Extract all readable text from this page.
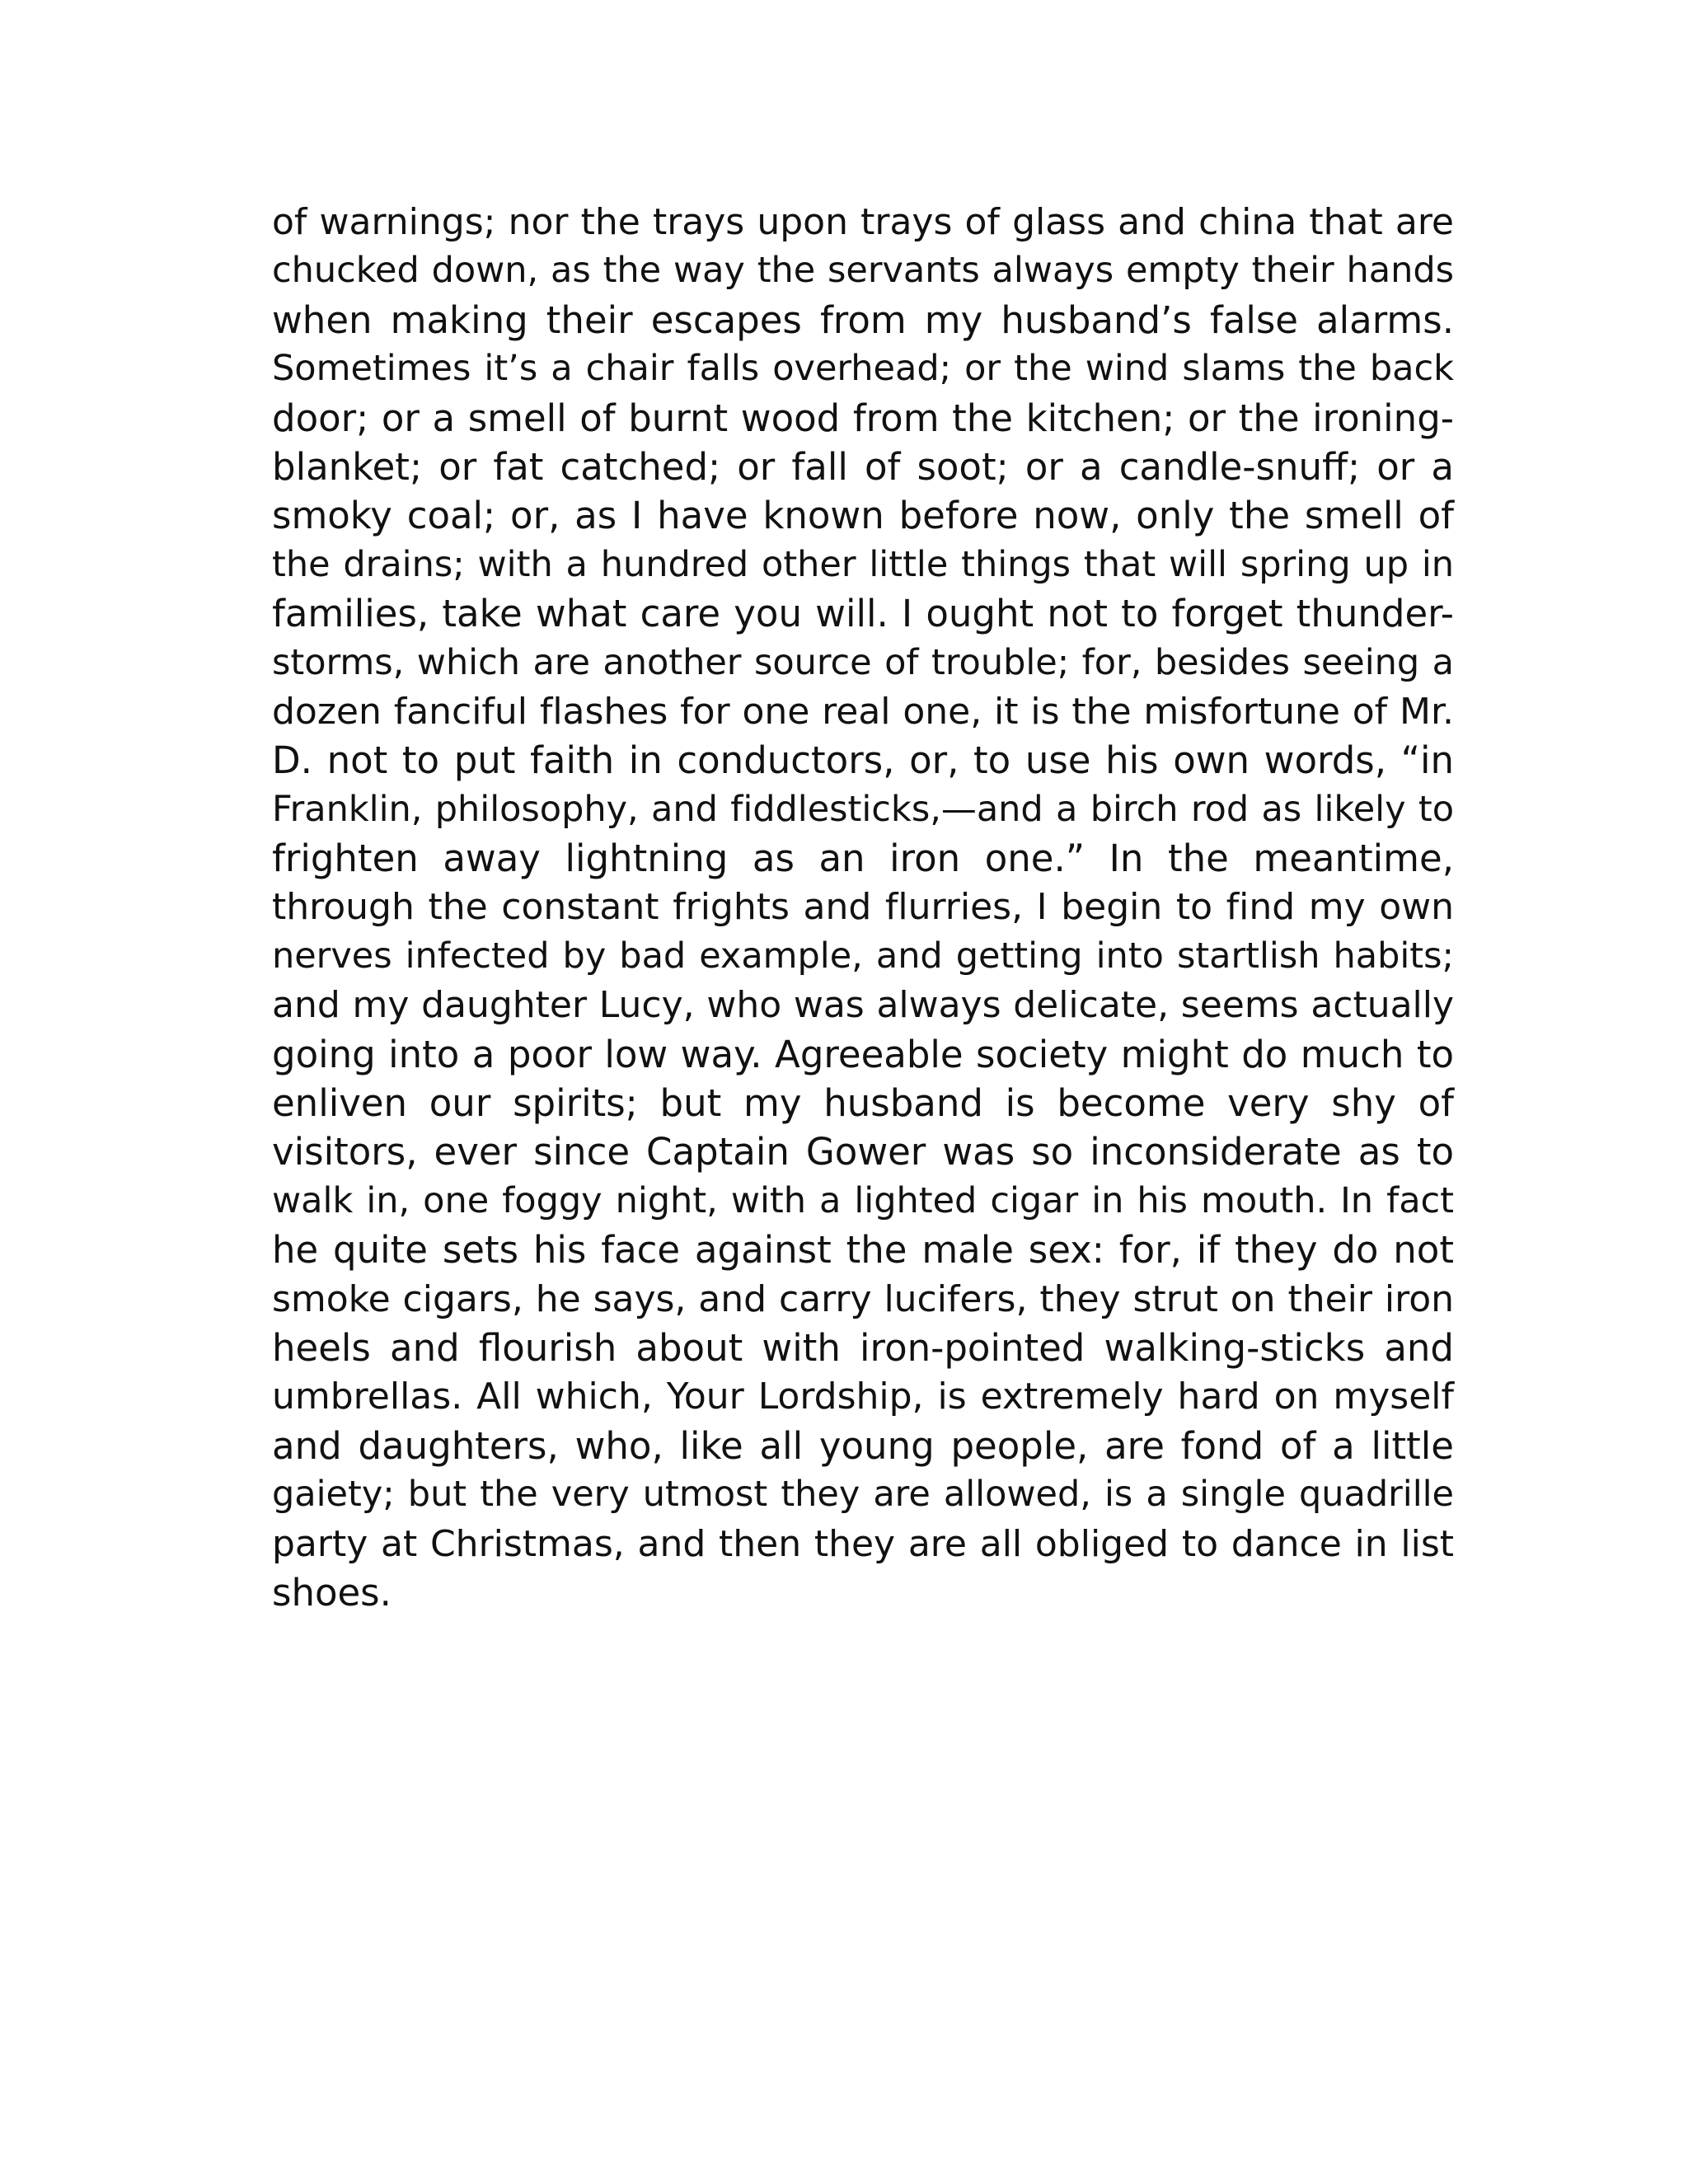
of warnings; nor the trays upon trays of glass and china that are
chucked down, as the way the servants always empty their hands
when making their escapes from my husband’s false alarms.
Sometimes it’s a chair falls overhead; or the wind slams the back
door; or a smell of burnt wood from the kitchen; or the ironing-
blanket; or fat catched; or fall of soot; or a candle-snuff; or a
smoky coal; or, as I have known before now, only the smell of
the drains; with a hundred other little things that will spring up in
families, take what care you will. I ought not to forget thunder-
storms, which are another source of trouble; for, besides seeing a
dozen fanciful flashes for one real one, it is the misfortune of Mr.
D. not to put faith in conductors, or, to use his own words, “in
Franklin, philosophy, and fiddlesticks,—and a birch rod as likely to
frighten away lightning as an iron one.” In the meantime,
through the constant frights and flurries, I begin to find my own
nerves infected by bad example, and getting into startlish habits;
and my daughter Lucy, who was always delicate, seems actually
going into a poor low way. Agreeable society might do much to
enliven our spirits; but my husband is become very shy of
visitors, ever since Captain Gower was so inconsiderate as to
walk in, one foggy night, with a lighted cigar in his mouth. In fact
he quite sets his face against the male sex: for, if they do not
smoke cigars, he says, and carry lucifers, they strut on their iron
heels and flourish about with iron-pointed walking-sticks and
umbrellas. All which, Your Lordship, is extremely hard on myself
and daughters, who, like all young people, are fond of a little
gaiety; but the very utmost they are allowed, is a single quadrille
party at Christmas, and then they are all obliged to dance in list
shoes.
